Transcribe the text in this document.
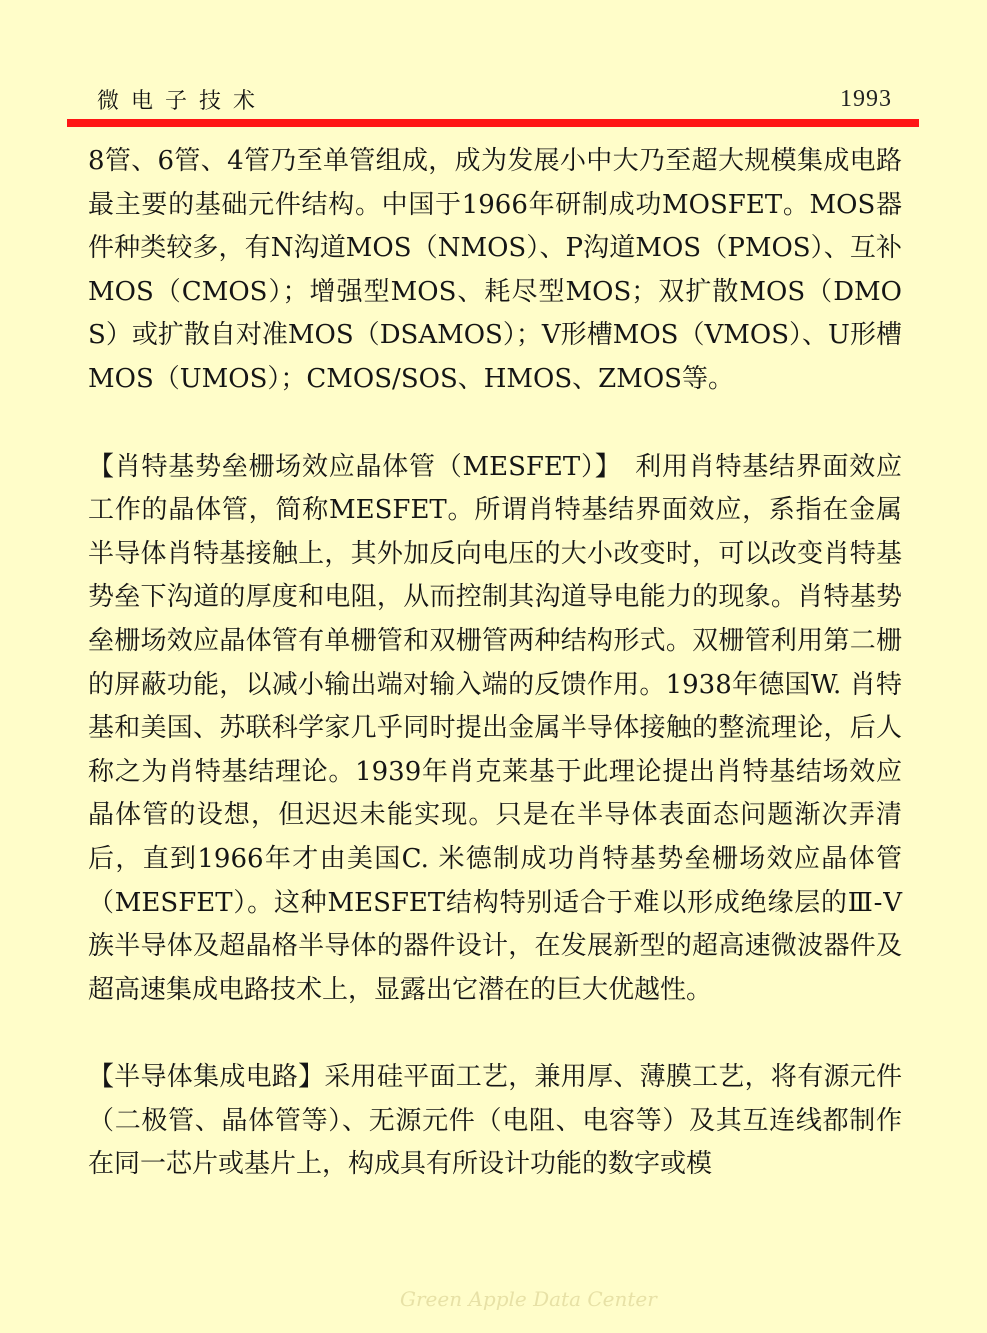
微电子技术	1993

8管、6管、4管乃至单管组成，成为发展小中大乃至超大规模集成电路最主要的基础元件结构。中国于1966年研制成功MOSFET。MOS器件种类较多，有N沟道MOS（NMOS）、P沟道MOS（PMOS）、互补MOS（CMOS）；增强型MOS、耗尽型MOS；双扩散MOS（DMOS）或扩散自对准MOS（DSAMOS）；V形槽MOS（VMOS）、U形槽MOS（UMOS）；CMOS/SOS、HMOS、ZMOS等。

【肖特基势垒栅场效应晶体管（MESFET）】　利用肖特基结界面效应工作的晶体管，简称MESFET。所谓肖特基结界面效应，系指在金属半导体肖特基接触上，其外加反向电压的大小改变时，可以改变肖特基势垒下沟道的厚度和电阻，从而控制其沟道导电能力的现象。肖特基势垒栅场效应晶体管有单栅管和双栅管两种结构形式。双栅管利用第二栅的屏蔽功能，以减小输出端对输入端的反馈作用。1938年德国W. 肖特基和美国、苏联科学家几乎同时提出金属半导体接触的整流理论，后人称之为肖特基结理论。1939年肖克莱基于此理论提出肖特基结场效应晶体管的设想，但迟迟未能实现。只是在半导体表面态问题渐次弄清后，直到1966年才由美国C. 米德制成功肖特基势垒栅场效应晶体管（MESFET）。这种MESFET结构特别适合于难以形成绝缘层的Ⅲ-Ⅴ族半导体及超晶格半导体的器件设计，在发展新型的超高速微波器件及超高速集成电路技术上，显露出它潜在的巨大优越性。

【半导体集成电路】采用硅平面工艺，兼用厚、薄膜工艺，将有源元件（二极管、晶体管等）、无源元件（电阻、电容等）及其互连线都制作在同一芯片或基片上，构成具有所设计功能的数字或模

Green Apple Data Center
